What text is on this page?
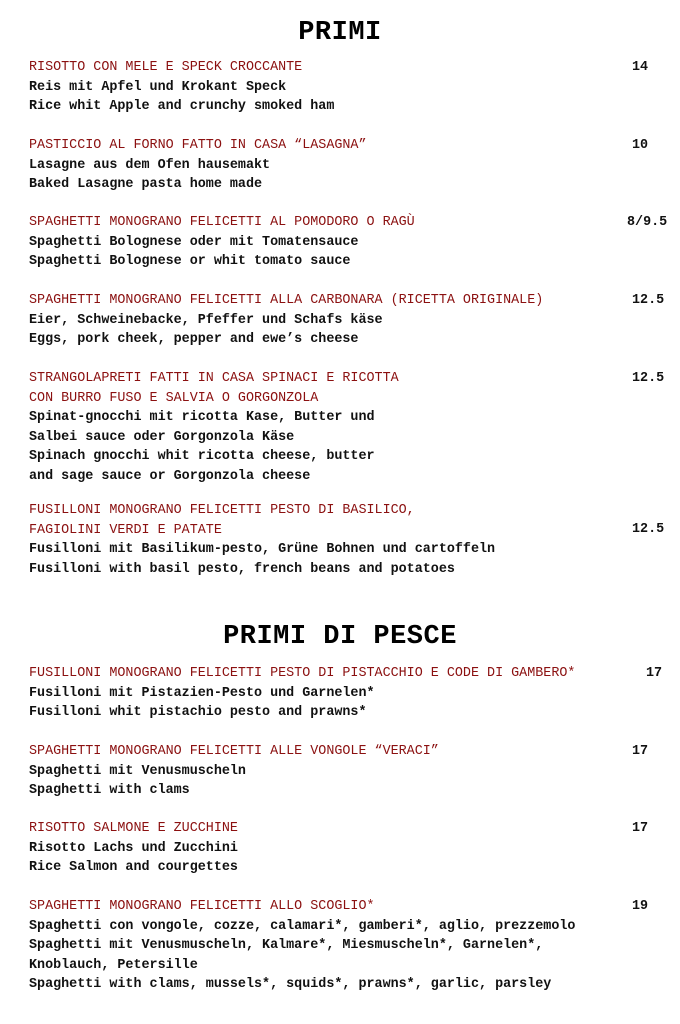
PRIMI
PRIMI DI PESCE

RISOTTO CON MELE E SPECK CROCCANTE

Reis mit Apfel und Krokant Speck

Rice whit Apple and crunchy smoked ham

14

PASTICCIO AL FORNO FATTO IN CASA “LASAGNA”

Lasagne aus dem Ofen hausemakt

Baked Lasagne pasta home made

10

SPAGHETTI MONOGRANO FELICETTI AL POMODORO O RAGÙ

Spaghetti Bolognese oder mit Tomatensauce

Spaghetti Bolognese or whit tomato sauce

8/9.5

SPAGHETTI MONOGRANO FELICETTI ALLA CARBONARA (RICETTA ORIGINALE)

Eier, Schweinebacke, Pfeffer und Schafs käse

Eggs, pork cheek, pepper and ewe’s cheese

12.5

STRANGOLAPRETI FATTI IN CASA SPINACI E RICOTTA

CON BURRO FUSO E SALVIA O GORGONZOLA

Spinat-gnocchi mit ricotta Kase, Butter und

Salbei sauce oder Gorgonzola Käse

Spinach gnocchi whit ricotta cheese, butter

and sage sauce or Gorgonzola cheese

12.5

FUSILLONI MONOGRANO FELICETTI PESTO DI BASILICO,

FAGIOLINI VERDI E PATATE

Fusilloni mit Basilikum-pesto, Grüne Bohnen und cartoffeln

Fusilloni with basil pesto, french beans and potatoes

12.5

FUSILLONI MONOGRANO FELICETTI PESTO DI PISTACCHIO E CODE DI GAMBERO*

Fusilloni mit Pistazien-Pesto und Garnelen*

Fusilloni whit pistachio pesto and prawns*

17

SPAGHETTI MONOGRANO FELICETTI ALLE VONGOLE “VERACI”

Spaghetti mit Venusmuscheln

Spaghetti with clams

17

RISOTTO SALMONE E ZUCCHINE

Risotto Lachs und Zucchini

Rice Salmon and courgettes

17

SPAGHETTI MONOGRANO FELICETTI ALLO SCOGLIO*

Spaghetti con vongole, cozze, calamari*, gamberi*, aglio, prezzemolo

Spaghetti mit Venusmuscheln, Kalmare*, Miesmuscheln*, Garnelen*,

Knoblauch, Petersille

Spaghetti with clams, mussels*, squids*, prawns*, garlic, parsley

19
